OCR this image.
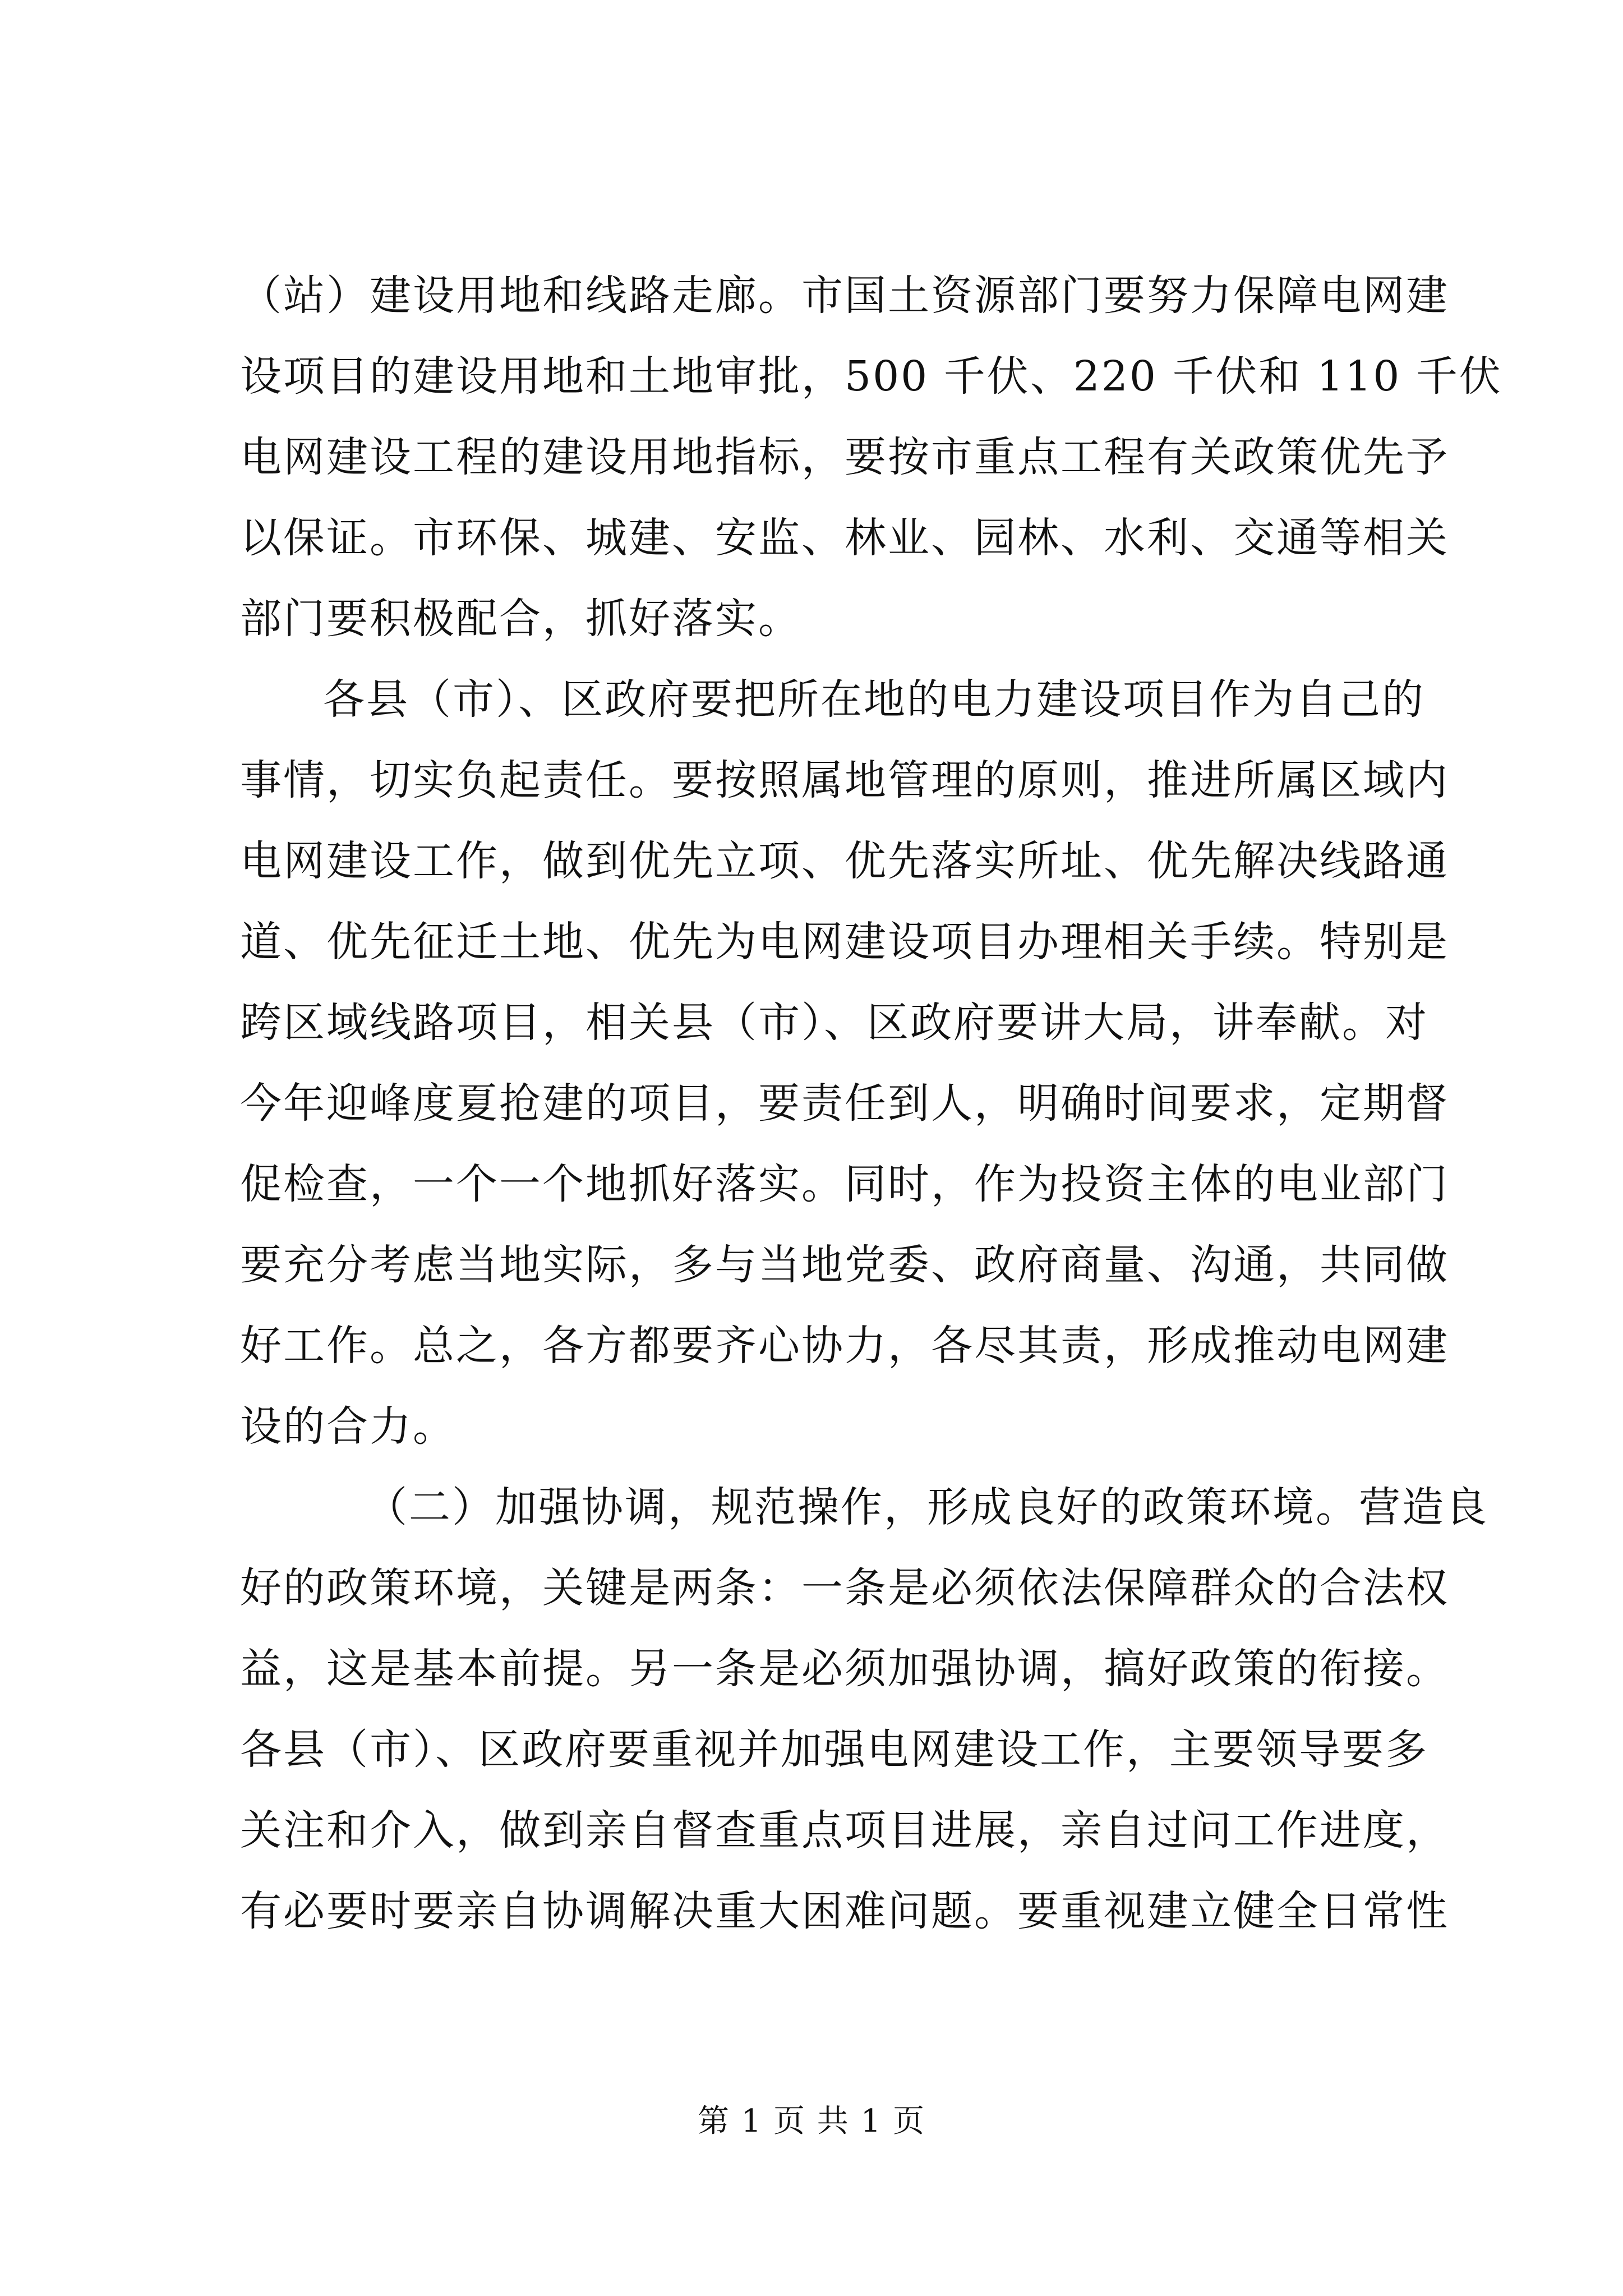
（站）建设用地和线路走廊。市国土资源部门要努力保障电网建
设项目的建设用地和土地审批，500 千伏、220 千伏和 110 千伏
电网建设工程的建设用地指标，要按市重点工程有关政策优先予
以保证。市环保、城建、安监、林业、园林、水利、交通等相关
部门要积极配合，抓好落实。
各县（市）、区政府要把所在地的电力建设项目作为自己的
事情，切实负起责任。要按照属地管理的原则，推进所属区域内
电网建设工作，做到优先立项、优先落实所址、优先解决线路通
道、优先征迁土地、优先为电网建设项目办理相关手续。特别是
跨区域线路项目，相关县（市）、区政府要讲大局，讲奉献。对
今年迎峰度夏抢建的项目，要责任到人，明确时间要求，定期督
促检查，一个一个地抓好落实。同时，作为投资主体的电业部门
要充分考虑当地实际，多与当地党委、政府商量、沟通，共同做
好工作。总之，各方都要齐心协力，各尽其责，形成推动电网建
设的合力。
（二）加强协调，规范操作，形成良好的政策环境。营造良
好的政策环境，关键是两条：一条是必须依法保障群众的合法权
益，这是基本前提。另一条是必须加强协调，搞好政策的衔接。
各县（市）、区政府要重视并加强电网建设工作，主要领导要多
关注和介入，做到亲自督查重点项目进展，亲自过问工作进度，
有必要时要亲自协调解决重大困难问题。要重视建立健全日常性
第 1 页 共 1 页
